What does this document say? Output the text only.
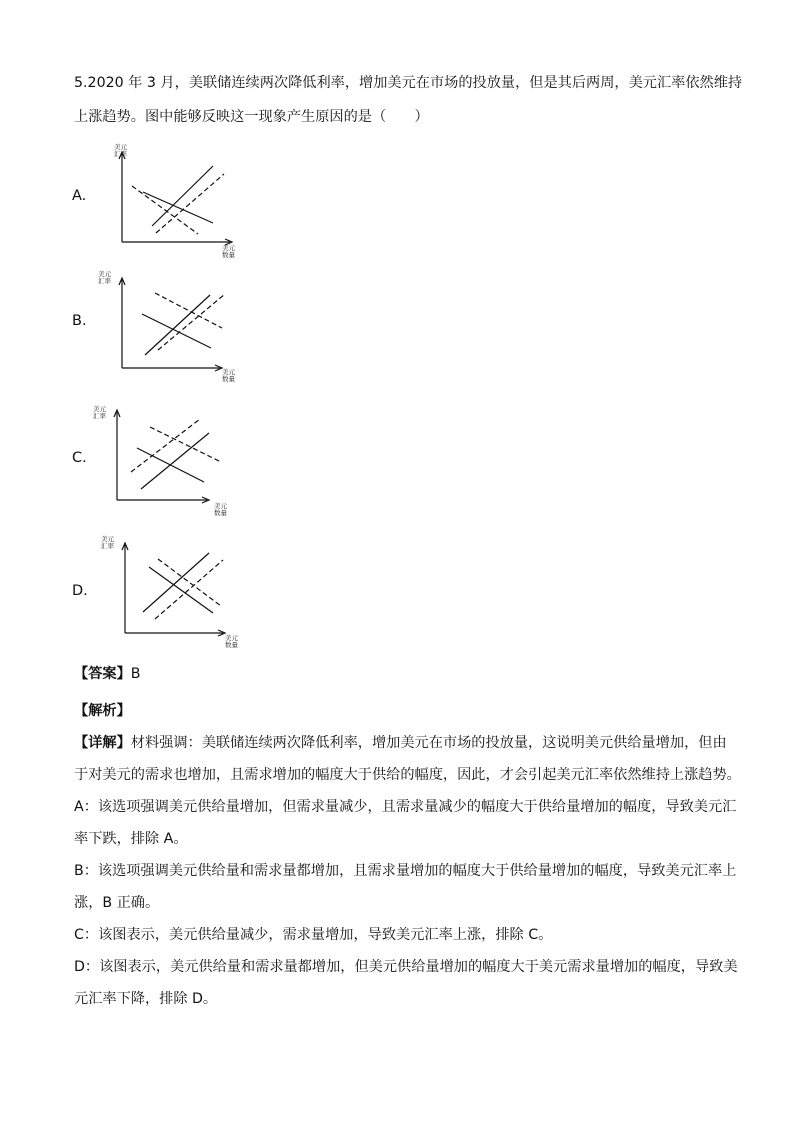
5.2020 年 3 月，美联储连续两次降低利率，增加美元在市场的投放量，但是其后两周，美元汇率依然维持
上涨趋势。图中能够反映这一现象产生原因的是（　　）
A.
美元
汇率
美元
数量
B.
美元
汇率
美元
数量
C.
美元
汇率
美元
数量
D.
美元
汇率
美元
数量
【答案】B
【解析】
【详解】材料强调：美联储连续两次降低利率，增加美元在市场的投放量，这说明美元供给量增加，但由
于对美元的需求也增加，且需求增加的幅度大于供给的幅度，因此，才会引起美元汇率依然维持上涨趋势。
A：该选项强调美元供给量增加，但需求量减少，且需求量减少的幅度大于供给量增加的幅度，导致美元汇
率下跌，排除 A。
B：该选项强调美元供给量和需求量都增加，且需求量增加的幅度大于供给量增加的幅度，导致美元汇率上
涨，B 正确。
C：该图表示，美元供给量减少，需求量增加，导致美元汇率上涨，排除 C。
D：该图表示，美元供给量和需求量都增加，但美元供给量增加的幅度大于美元需求量增加的幅度，导致美
元汇率下降，排除 D。
